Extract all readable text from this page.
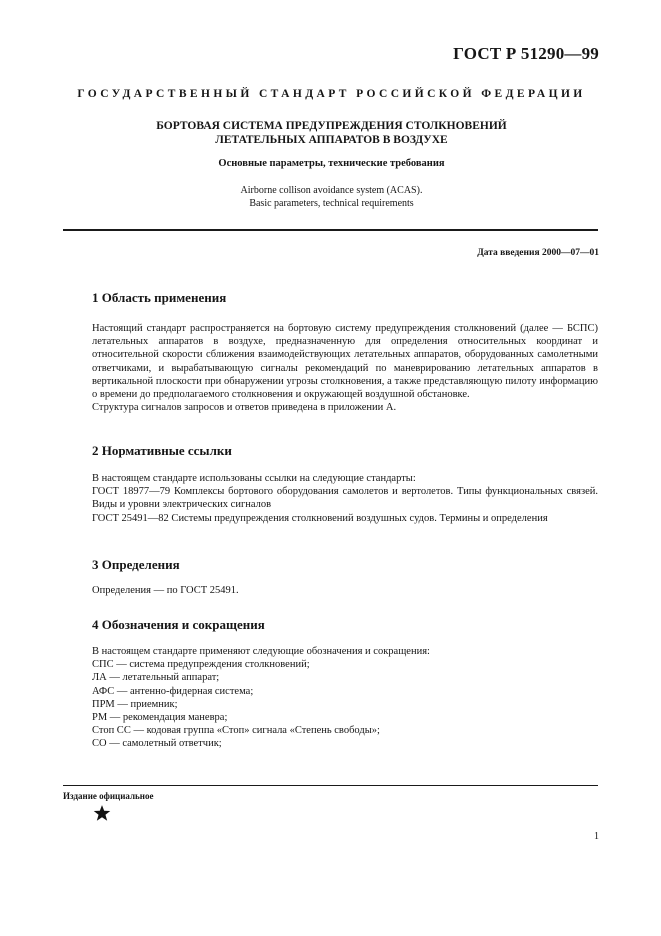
ГОСТ Р 51290—99
ГОСУДАРСТВЕННЫЙ СТАНДАРТ РОССИЙСКОЙ ФЕДЕРАЦИИ
БОРТОВАЯ СИСТЕМА ПРЕДУПРЕЖДЕНИЯ СТОЛКНОВЕНИЙ
ЛЕТАТЕЛЬНЫХ АППАРАТОВ В ВОЗДУХЕ
Основные параметры, технические требования
Airborne collison avoidance system (ACAS).
Basic parameters, technical requirements
Дата введения 2000—07—01
1 Область применения

Настоящий стандарт распространяется на бортовую систему предупреждения столкновений (далее — БСПС) летательных аппаратов в воздухе, предназначенную для определения относительных координат и относительной скорости сближения взаимодействующих летательных аппаратов, оборудованных самолетными ответчиками, и вырабатывающую сигналы рекомендаций по маневрированию летательных аппаратов в вертикальной плоскости при обнаружении угрозы столкновения, а также представляющую пилоту информацию о времени до предполагаемого столкновения и окружающей воздушной обстановке.

Структура сигналов запросов и ответов приведена в приложении А.

2 Нормативные ссылки

В настоящем стандарте использованы ссылки на следующие стандарты:

ГОСТ 18977—79 Комплексы бортового оборудования самолетов и вертолетов. Типы функциональных связей. Виды и уровни электрических сигналов

ГОСТ 25491—82 Системы предупреждения столкновений воздушных судов. Термины и определения

3 Определения

Определения — по ГОСТ 25491.

4 Обозначения и сокращения

В настоящем стандарте применяют следующие обозначения и сокращения:

СПС — система предупреждения столкновений;

ЛА — летательный аппарат;

АФС — антенно-фидерная система;

ПРМ — приемник;

РМ — рекомендация маневра;

Стоп СС — кодовая группа «Стоп» сигнала «Степень свободы»;

СО — самолетный ответчик;

Издание официальное
1
